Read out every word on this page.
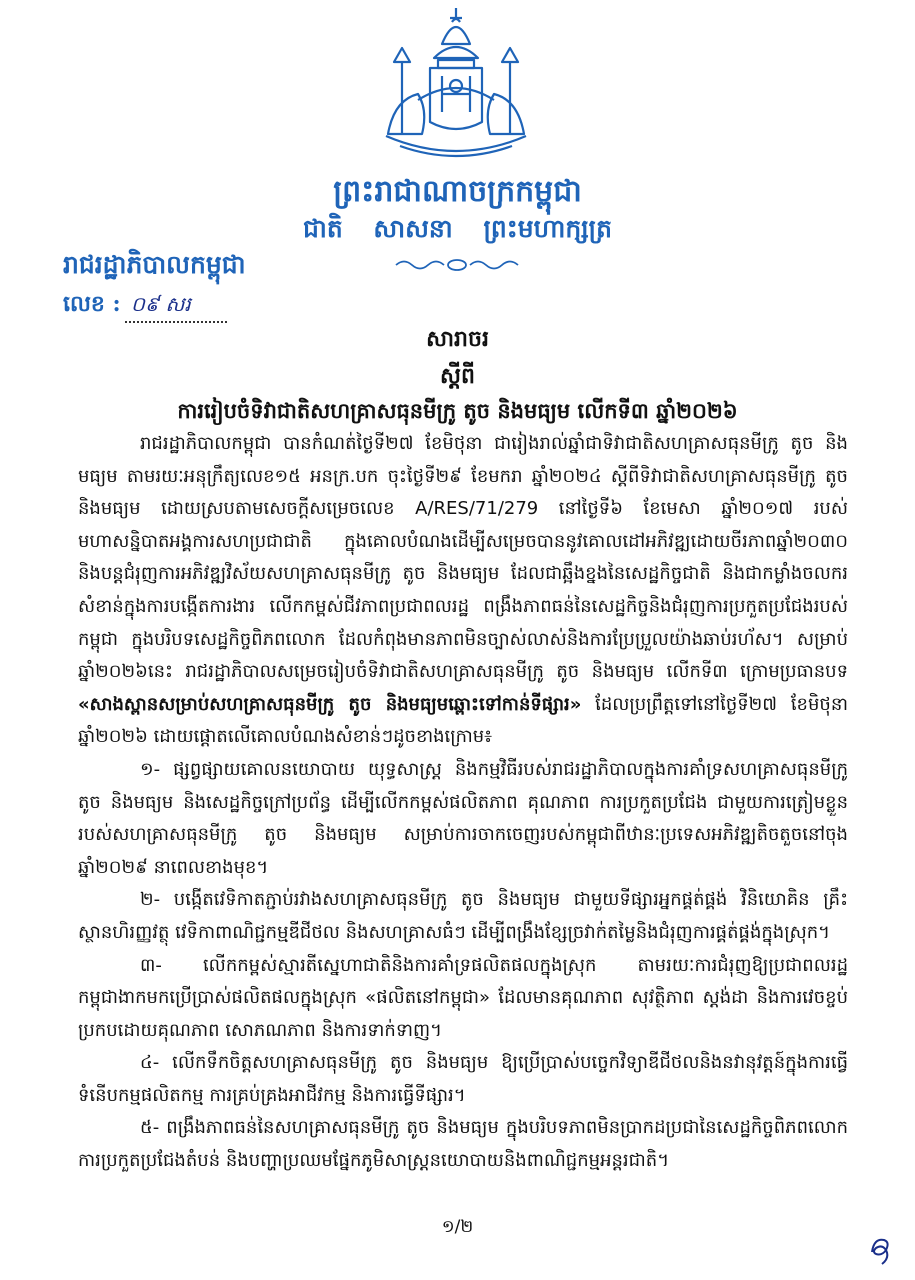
ព្រះរាជាណាចក្រកម្ពុជា
ជាតិ សាសនា ព្រះមហាក្សត្រ
រាជរដ្ឋាភិបាលកម្ពុជា
លេខ : ០៩ សរ
សារាចរ
ស្តីពី
ការរៀបចំទិវាជាតិសហគ្រាសធុនមីក្រូ តូច និងមធ្យម លើកទី៣ ឆ្នាំ២០២៦

រាជរដ្ឋាភិបាលកម្ពុជា បានកំណត់ថ្ងៃទី២៧ ខែមិថុនា ជារៀងរាល់ឆ្នាំជាទិវាជាតិសហគ្រាសធុនមីក្រូ តូច និងមធ្យម តាមរយៈអនុក្រឹត្យលេខ១៥ អនក្រ.បក ចុះថ្ងៃទី២៩ ខែមករា ឆ្នាំ២០២៤ ស្តីពីទិវាជាតិសហគ្រាសធុនមីក្រូ តូច និងមធ្យម ដោយស្របតាមសេចក្តីសម្រេចលេខ A/RES/71/279 នៅថ្ងៃទី៦ ខែមេសា ឆ្នាំ២០១៧ របស់មហាសន្និបាតអង្គការសហប្រជាជាតិ ក្នុងគោលបំណងដើម្បីសម្រេចបាននូវគោលដៅអភិវឌ្ឍដោយចីរភាពឆ្នាំ២០៣០ និងបន្តជំរុញការអភិវឌ្ឍវិស័យសហគ្រាសធុនមីក្រូ តូច និងមធ្យម ដែលជាឆ្អឹងខ្នងនៃសេដ្ឋកិច្ចជាតិ និងជាកម្លាំងចលករសំខាន់ក្នុងការបង្កើតការងារ លើកកម្ពស់ជីវភាពប្រជាពលរដ្ឋ ពង្រឹងភាពធន់នៃសេដ្ឋកិច្ចនិងជំរុញការប្រកួតប្រជែងរបស់កម្ពុជា ក្នុងបរិបទសេដ្ឋកិច្ចពិភពលោក ដែលកំពុងមានភាពមិនច្បាស់លាស់និងការប្រែប្រួលយ៉ាងឆាប់រហ័ស។ សម្រាប់ឆ្នាំ២០២៦នេះ រាជរដ្ឋាភិបាលសម្រេចរៀបចំទិវាជាតិសហគ្រាសធុនមីក្រូ តូច និងមធ្យម លើកទី៣ ក្រោមប្រធានបទ «សាងស្ពានសម្រាប់សហគ្រាសធុនមីក្រូ តូច និងមធ្យមឆ្ពោះទៅកាន់ទីផ្សារ» ដែលប្រព្រឹត្តទៅនៅថ្ងៃទី២៧ ខែមិថុនា ឆ្នាំ២០២៦ ដោយផ្តោតលើគោលបំណងសំខាន់ៗដូចខាងក្រោម៖

១- ផ្សព្វផ្សាយគោលនយោបាយ យុទ្ធសាស្ត្រ និងកម្មវិធីរបស់រាជរដ្ឋាភិបាលក្នុងការគាំទ្រសហគ្រាសធុនមីក្រូ តូច និងមធ្យម និងសេដ្ឋកិច្ចក្រៅប្រព័ន្ធ ដើម្បីលើកកម្ពស់ផលិតភាព គុណភាព ការប្រកួតប្រជែង ជាមួយការត្រៀមខ្លួនរបស់សហគ្រាសធុនមីក្រូ តូច និងមធ្យម សម្រាប់ការចាកចេញរបស់កម្ពុជាពីឋានៈប្រទេសអភិវឌ្ឍតិចតួចនៅចុងឆ្នាំ២០២៩ នាពេលខាងមុខ។

២- បង្កើតវេទិកាតភ្ជាប់រវាងសហគ្រាសធុនមីក្រូ តូច និងមធ្យម ជាមួយទីផ្សារអ្នកផ្គត់ផ្គង់ វិនិយោគិន គ្រឹះស្ថានហិរញ្ញវត្ថុ វេទិកាពាណិជ្ជកម្មឌីជីថល និងសហគ្រាសធំៗ ដើម្បីពង្រឹងខ្សែច្រវាក់តម្លៃនិងជំរុញការផ្គត់ផ្គង់ក្នុងស្រុក។

៣- លើកកម្ពស់ស្មារតីស្នេហាជាតិនិងការគាំទ្រផលិតផលក្នុងស្រុក តាមរយៈការជំរុញឱ្យប្រជាពលរដ្ឋកម្ពុជាងាកមកប្រើប្រាស់ផលិតផលក្នុងស្រុក «ផលិតនៅកម្ពុជា» ដែលមានគុណភាព សុវត្ថិភាព ស្តង់ដា និងការវេចខ្ចប់ប្រកបដោយគុណភាព សោភណភាព និងការទាក់ទាញ។

៤- លើកទឹកចិត្តសហគ្រាសធុនមីក្រូ តូច និងមធ្យម ឱ្យប្រើប្រាស់បច្ចេកវិទ្យាឌីជីថលនិងនវានុវត្តន៍ក្នុងការធ្វើទំនើបកម្មផលិតកម្ម ការគ្រប់គ្រងអាជីវកម្ម និងការធ្វើទីផ្សារ។

៥- ពង្រឹងភាពធន់នៃសហគ្រាសធុនមីក្រូ តូច និងមធ្យម ក្នុងបរិបទភាពមិនប្រាកដប្រជានៃសេដ្ឋកិច្ចពិភពលោក ការប្រកួតប្រជែងតំបន់ និងបញ្ហាប្រឈមផ្នែកភូមិសាស្ត្រនយោបាយនិងពាណិជ្ជកម្មអន្តរជាតិ។

១/២
